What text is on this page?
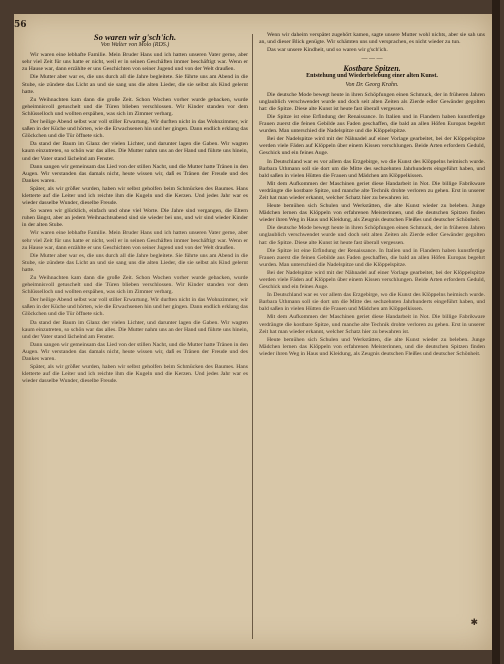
56
So waren wir g'sch'ich.
Von Walter von Molo (RDS.)

Wir waren eine lebhafte Familie. Mein Bruder Hans und ich hatten unseren Vater gerne, aber sehr viel Zeit für uns hatte er nicht, weil er in seinen Geschäften immer beschäftigt war. Wenn er zu Hause war, dann erzählte er uns Geschichten von seiner Jugend und von der Welt draußen.

Die Mutter aber war es, die uns durch all die Jahre begleitete. Sie führte uns am Abend in die Stube, sie zündete das Licht an und sie sang uns die alten Lieder, die sie selbst als Kind gelernt hatte.

Zu Weihnachten kam dann die große Zeit. Schon Wochen vorher wurde gebacken, wurde geheimnisvoll getuschelt und die Türen blieben verschlossen. Wir Kinder standen vor dem Schlüsselloch und wollten erspähen, was sich im Zimmer verbarg.

Der heilige Abend selbst war voll stiller Erwartung. Wir durften nicht in das Wohnzimmer, wir saßen in der Küche und hörten, wie die Erwachsenen hin und her gingen. Dann endlich erklang das Glöckchen und die Tür öffnete sich.

Da stand der Baum im Glanz der vielen Lichter, und darunter lagen die Gaben. Wir wagten kaum einzutreten, so schön war das alles. Die Mutter nahm uns an der Hand und führte uns hinein, und der Vater stand lächelnd am Fenster.

Dann sangen wir gemeinsam das Lied von der stillen Nacht, und die Mutter hatte Tränen in den Augen. Wir verstanden das damals nicht, heute wissen wir, daß es Tränen der Freude und des Dankes waren.

Später, als wir größer wurden, haben wir selbst geholfen beim Schmücken des Baumes. Hans kletterte auf die Leiter und ich reichte ihm die Kugeln und die Kerzen. Und jedes Jahr war es wieder dasselbe Wunder, dieselbe Freude.

So waren wir glücklich, einfach und ohne viel Worte. Die Jahre sind vergangen, die Eltern ruhen längst, aber an jedem Weihnachtsabend sind sie wieder bei uns, und wir sind wieder Kinder in der alten Stube.

Wir waren eine lebhafte Familie. Mein Bruder Hans und ich hatten unseren Vater gerne, aber sehr viel Zeit für uns hatte er nicht, weil er in seinen Geschäften immer beschäftigt war. Wenn er zu Hause war, dann erzählte er uns Geschichten von seiner Jugend und von der Welt draußen.

Die Mutter aber war es, die uns durch all die Jahre begleitete. Sie führte uns am Abend in die Stube, sie zündete das Licht an und sie sang uns die alten Lieder, die sie selbst als Kind gelernt hatte.

Zu Weihnachten kam dann die große Zeit. Schon Wochen vorher wurde gebacken, wurde geheimnisvoll getuschelt und die Türen blieben verschlossen. Wir Kinder standen vor dem Schlüsselloch und wollten erspähen, was sich im Zimmer verbarg.

Der heilige Abend selbst war voll stiller Erwartung. Wir durften nicht in das Wohnzimmer, wir saßen in der Küche und hörten, wie die Erwachsenen hin und her gingen. Dann endlich erklang das Glöckchen und die Tür öffnete sich.

Da stand der Baum im Glanz der vielen Lichter, und darunter lagen die Gaben. Wir wagten kaum einzutreten, so schön war das alles. Die Mutter nahm uns an der Hand und führte uns hinein, und der Vater stand lächelnd am Fenster.

Dann sangen wir gemeinsam das Lied von der stillen Nacht, und die Mutter hatte Tränen in den Augen. Wir verstanden das damals nicht, heute wissen wir, daß es Tränen der Freude und des Dankes waren.

Später, als wir größer wurden, haben wir selbst geholfen beim Schmücken des Baumes. Hans kletterte auf die Leiter und ich reichte ihm die Kugeln und die Kerzen. Und jedes Jahr war es wieder dasselbe Wunder, dieselbe Freude.

Wenn wir daheim verspätet zugehört kamen, sagte unsere Mutter wohl nichts, aber sie sah uns an, und dieser Blick genügte. Wir schämten uns und versprachen, es nicht wieder zu tun.

Das war unsere Kindheit, und so waren wir g'sch'ich.

— — —
Kostbare Spitzen.
Entstehung und Wiederbelebung einer alten Kunst.
Von Dr. Georg Krahn.

Die deutsche Mode bewegt heute in ihren Schöpfungen einen Schmuck, der in früheren Jahren unglaublich verschwendet wurde und doch seit alten Zeiten als Zierde edler Gewänder gegolten hat: die Spitze. Diese alte Kunst ist heute fast überall vergessen.

Die Spitze ist eine Erfindung der Renaissance. In Italien und in Flandern haben kunstfertige Frauen zuerst die feinen Gebilde aus Faden geschaffen, die bald an allen Höfen Europas begehrt wurden. Man unterschied die Nadelspitze und die Klöppelspitze.

Bei der Nadelspitze wird mit der Nähnadel auf einer Vorlage gearbeitet, bei der Klöppelspitze werden viele Fäden auf Klöppeln über einem Kissen verschlungen. Beide Arten erfordern Geduld, Geschick und ein feines Auge.

In Deutschland war es vor allem das Erzgebirge, wo die Kunst des Klöppelns heimisch wurde. Barbara Uthmann soll sie dort um die Mitte des sechzehnten Jahrhunderts eingeführt haben, und bald saßen in vielen Hütten die Frauen und Mädchen am Klöppelkissen.

Mit dem Aufkommen der Maschinen geriet diese Handarbeit in Not. Die billige Fabrikware verdrängte die kostbare Spitze, und manche alte Technik drohte verloren zu gehen. Erst in unserer Zeit hat man wieder erkannt, welcher Schatz hier zu bewahren ist.

Heute bemühen sich Schulen und Werkstätten, die alte Kunst wieder zu beleben. Junge Mädchen lernen das Klöppeln von erfahrenen Meisterinnen, und die deutschen Spitzen finden wieder ihren Weg in Haus und Kleidung, als Zeugnis deutschen Fleißes und deutscher Schönheit.

Die deutsche Mode bewegt heute in ihren Schöpfungen einen Schmuck, der in früheren Jahren unglaublich verschwendet wurde und doch seit alten Zeiten als Zierde edler Gewänder gegolten hat: die Spitze. Diese alte Kunst ist heute fast überall vergessen.

Die Spitze ist eine Erfindung der Renaissance. In Italien und in Flandern haben kunstfertige Frauen zuerst die feinen Gebilde aus Faden geschaffen, die bald an allen Höfen Europas begehrt wurden. Man unterschied die Nadelspitze und die Klöppelspitze.

Bei der Nadelspitze wird mit der Nähnadel auf einer Vorlage gearbeitet, bei der Klöppelspitze werden viele Fäden auf Klöppeln über einem Kissen verschlungen. Beide Arten erfordern Geduld, Geschick und ein feines Auge.

In Deutschland war es vor allem das Erzgebirge, wo die Kunst des Klöppelns heimisch wurde. Barbara Uthmann soll sie dort um die Mitte des sechzehnten Jahrhunderts eingeführt haben, und bald saßen in vielen Hütten die Frauen und Mädchen am Klöppelkissen.

Mit dem Aufkommen der Maschinen geriet diese Handarbeit in Not. Die billige Fabrikware verdrängte die kostbare Spitze, und manche alte Technik drohte verloren zu gehen. Erst in unserer Zeit hat man wieder erkannt, welcher Schatz hier zu bewahren ist.

Heute bemühen sich Schulen und Werkstätten, die alte Kunst wieder zu beleben. Junge Mädchen lernen das Klöppeln von erfahrenen Meisterinnen, und die deutschen Spitzen finden wieder ihren Weg in Haus und Kleidung, als Zeugnis deutschen Fleißes und deutscher Schönheit.

✱
